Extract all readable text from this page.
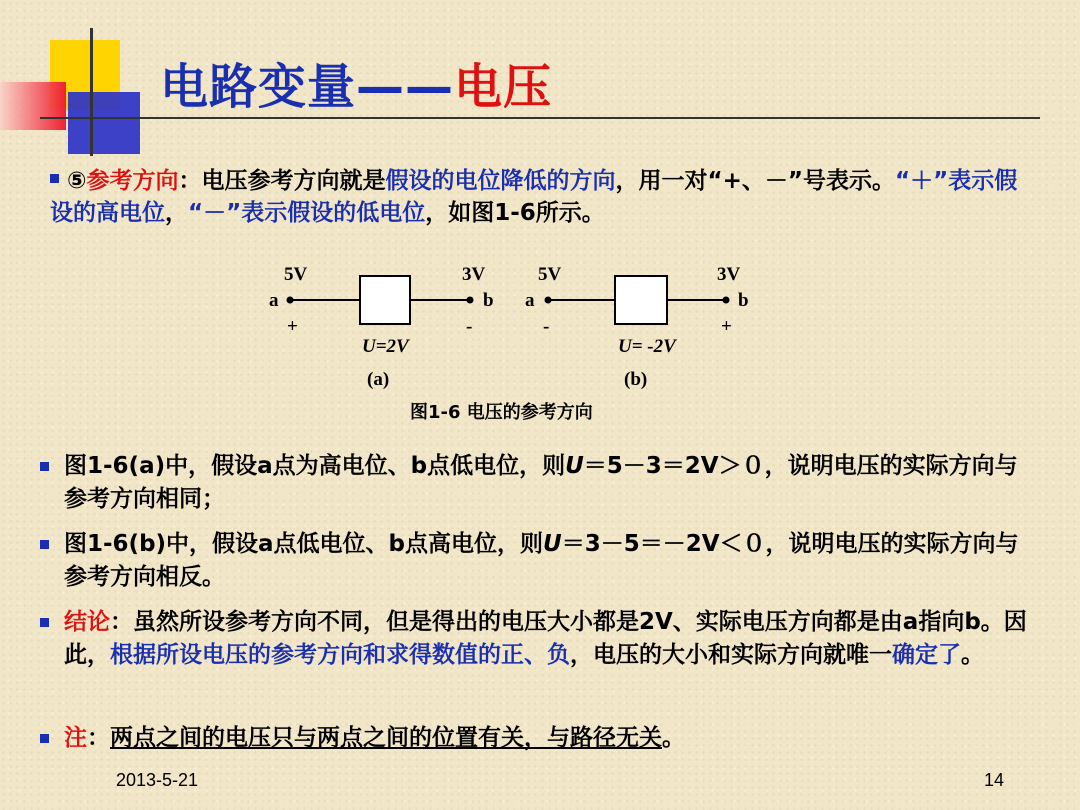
电路变量——电压
⑤参考方向：电压参考方向就是假设的电位降低的方向，用一对“+、－”号表示。“＋”表示假设的高电位，“－”表示假设的低电位，如图1-6所示。
5V	3V
a	b
+	-
U=2V
(a)
5V	3V
a	b
-	+
U= -2V
(b)
图1-6 电压的参考方向
图1-6(a)中，假设a点为高电位、b点低电位，则U＝5－3＝2V＞０，说明电压的实际方向与参考方向相同；
图1-6(b)中，假设a点低电位、b点高电位，则U＝3－5＝－2V＜０，说明电压的实际方向与参考方向相反。
结论：虽然所设参考方向不同，但是得出的电压大小都是2V、实际电压方向都是由a指向b。因此，根据所设电压的参考方向和求得数值的正、负，电压的大小和实际方向就唯一确定了。
注：两点之间的电压只与两点之间的位置有关，与路径无关。
2013-5-21	14
